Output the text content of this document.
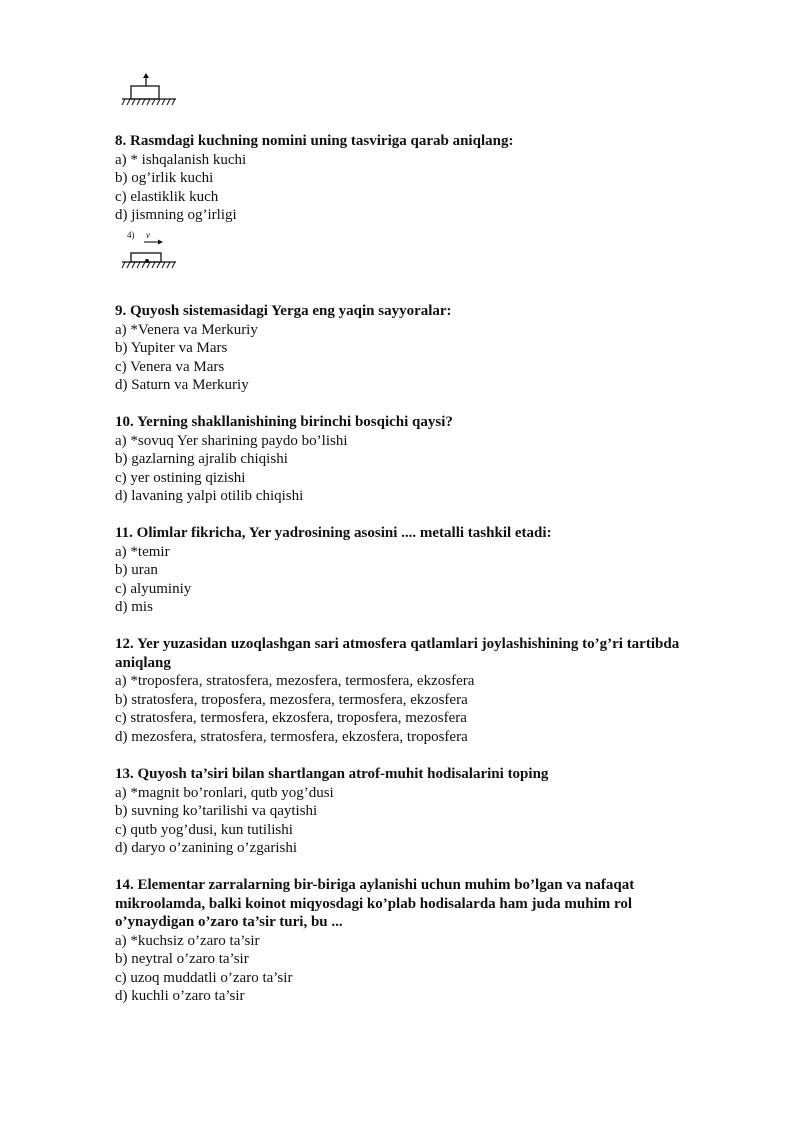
8. Rasmdagi kuchning nomini uning tasviriga qarab aniqlang:
a) * ishqalanish kuchi
b) og’irlik kuchi
c) elastiklik kuch
d) jismning og’irligi
4) v
9. Quyosh sistemasidagi Yerga eng yaqin sayyoralar:
a) *Venera va Merkuriy
b) Yupiter va Mars
c) Venera va Mars
d) Saturn va Merkuriy
10. Yerning shakllanishining birinchi bosqichi qaysi?
a) *sovuq Yer sharining paydo bo’lishi
b) gazlarning ajralib chiqishi
c) yer ostining qizishi
d) lavaning yalpi otilib chiqishi
11. Olimlar fikricha, Yer yadrosining asosini .... metalli tashkil etadi:
a) *temir
b) uran
c) alyuminiy
d) mis
12. Yer yuzasidan uzoqlashgan sari atmosfera qatlamlari joylashishining to’g’ri tartibda
aniqlang
a) *troposfera, stratosfera, mezosfera, termosfera, ekzosfera
b) stratosfera, troposfera, mezosfera, termosfera, ekzosfera
c) stratosfera, termosfera, ekzosfera, troposfera, mezosfera
d) mezosfera, stratosfera, termosfera, ekzosfera, troposfera
13. Quyosh ta’siri bilan shartlangan atrof-muhit hodisalarini toping
a) *magnit bo’ronlari, qutb yog’dusi
b) suvning ko’tarilishi va qaytishi
c) qutb yog’dusi, kun tutilishi
d) daryo o’zanining o’zgarishi
14. Elementar zarralarning bir-biriga aylanishi uchun muhim bo’lgan va nafaqat
mikroolamda, balki koinot miqyosdagi ko’plab hodisalarda ham juda muhim rol
o’ynaydigan o’zaro ta’sir turi, bu ...
a) *kuchsiz o’zaro ta’sir
b) neytral o’zaro ta’sir
c) uzoq muddatli o’zaro ta’sir
d) kuchli o’zaro ta’sir
